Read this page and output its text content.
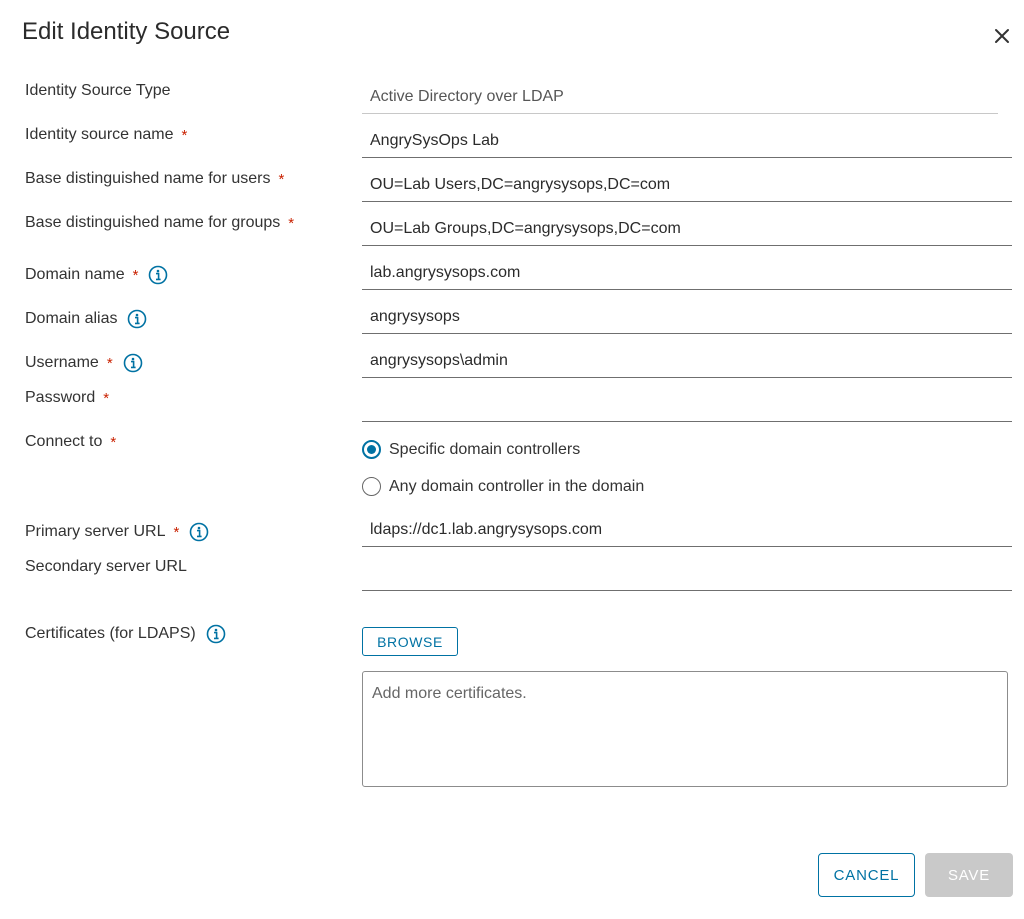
Edit Identity Source
Identity Source Type	Active Directory over LDAP
Identity source name *	AngrySysOps Lab
Base distinguished name for users *	OU=Lab Users,DC=angrysysops,DC=com
Base distinguished name for groups *	OU=Lab Groups,DC=angrysysops,DC=com
Domain name *	lab.angrysysops.com
Domain alias	angrysysops
Username *	angrysysops\admin
Password *
Connect to *	Specific domain controllers
Any domain controller in the domain
Primary server URL *	ldaps://dc1.lab.angrysysops.com
Secondary server URL
Certificates (for LDAPS)	BROWSE
Add more certificates.
CANCEL	SAVE
